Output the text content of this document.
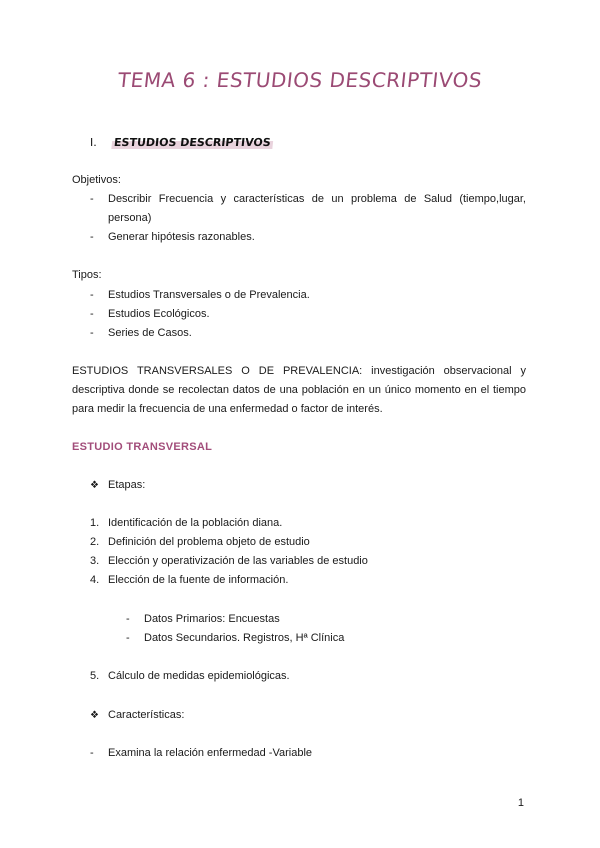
TEMA 6 : ESTUDIOS DESCRIPTIVOS
I. ESTUDIOS DESCRIPTIVOS
Objetivos:
- Describir Frecuencia y características de un problema de Salud (tiempo,lugar,
persona)
- Generar hipótesis razonables.
Tipos:
- Estudios Transversales o de Prevalencia.
- Estudios Ecológicos.
- Series de Casos.
ESTUDIOS TRANSVERSALES O DE PREVALENCIA: investigación observacional y
descriptiva donde se recolectan datos de una población en un único momento en el tiempo
para medir la frecuencia de una enfermedad o factor de interés.
ESTUDIO TRANSVERSAL
❖ Etapas:
1. Identificación de la población diana.
2. Definición del problema objeto de estudio
3. Elección y operativización de las variables de estudio
4. Elección de la fuente de información.
- Datos Primarios: Encuestas
- Datos Secundarios. Registros, Hª Clínica
5. Cálculo de medidas epidemiológicas.
❖ Características:
- Examina la relación enfermedad -Variable
1
